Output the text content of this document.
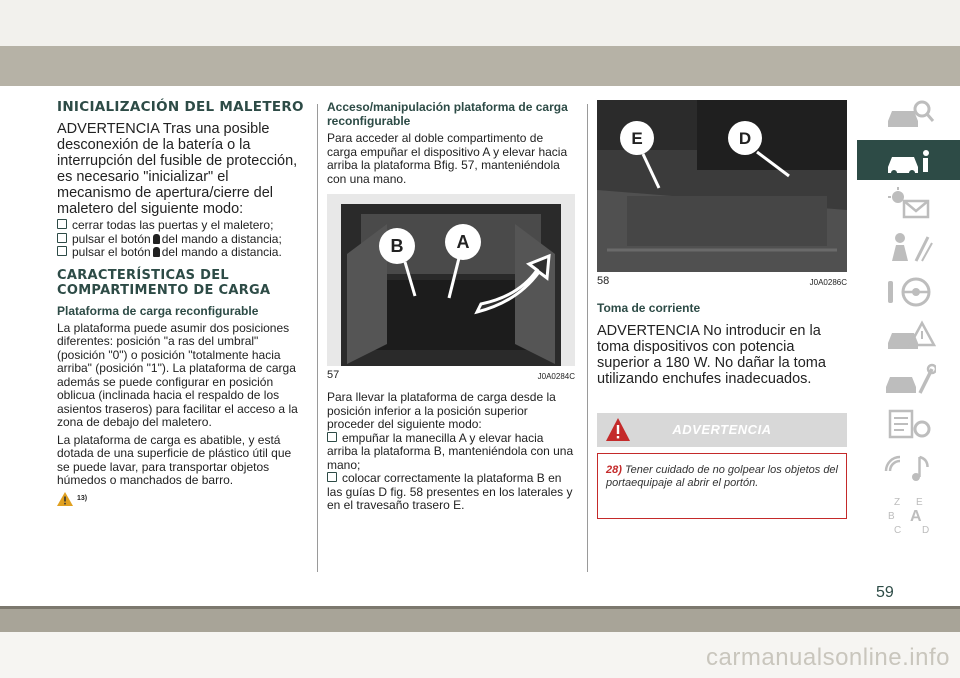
INICIALIZACIÓN DEL MALETERO

ADVERTENCIA Tras una posible desconexión de la batería o la interrupción del fusible de protección, es necesario "inicializar" el mecanismo de apertura/cierre del maletero del siguiente modo:

cerrar todas las puertas y el maletero;
pulsar el botón del mando a distancia;
pulsar el botón del mando a distancia.
CARACTERÍSTICAS DEL COMPARTIMENTO DE CARGA
Plataforma de carga reconfigurable

La plataforma puede asumir dos posiciones diferentes: posición "a ras del umbral" (posición "0") o posición "totalmente hacia arriba" (posición "1"). La plataforma de carga además se puede configurar en posición oblicua (inclinada hacia el respaldo de los asientos traseros) para facilitar el acceso a la zona de debajo del maletero.

La plataforma de carga es abatible, y está dotada de una superficie de plástico útil que se puede lavar, para transportar objetos húmedos o manchados de barro.

13)
Acceso/manipulación plataforma de carga reconfigurable

Para acceder al doble compartimento de carga empuñar el dispositivo A y elevar hacia arriba la plataforma Bfig. 57, manteniéndola con una mano.

B	A
57	J0A0284C

Para llevar la plataforma de carga desde la posición inferior a la posición superior proceder del siguiente modo:

empuñar la manecilla A y elevar hacia arriba la plataforma B, manteniéndola con una mano;
colocar correctamente la plataforma B en las guías D fig. 58 presentes en los laterales y en el travesaño trasero E.
E	D
58	J0A0286C
Toma de corriente

ADVERTENCIA No introducir en la toma dispositivos con potencia superior a 180 W. No dañar la toma utilizando enchufes inadecuados.

ADVERTENCIA

28) Tener cuidado de no golpear los objetos del portaequipaje al abrir el portón.

Z E
B A
C D
59
carmanualsonline.info
